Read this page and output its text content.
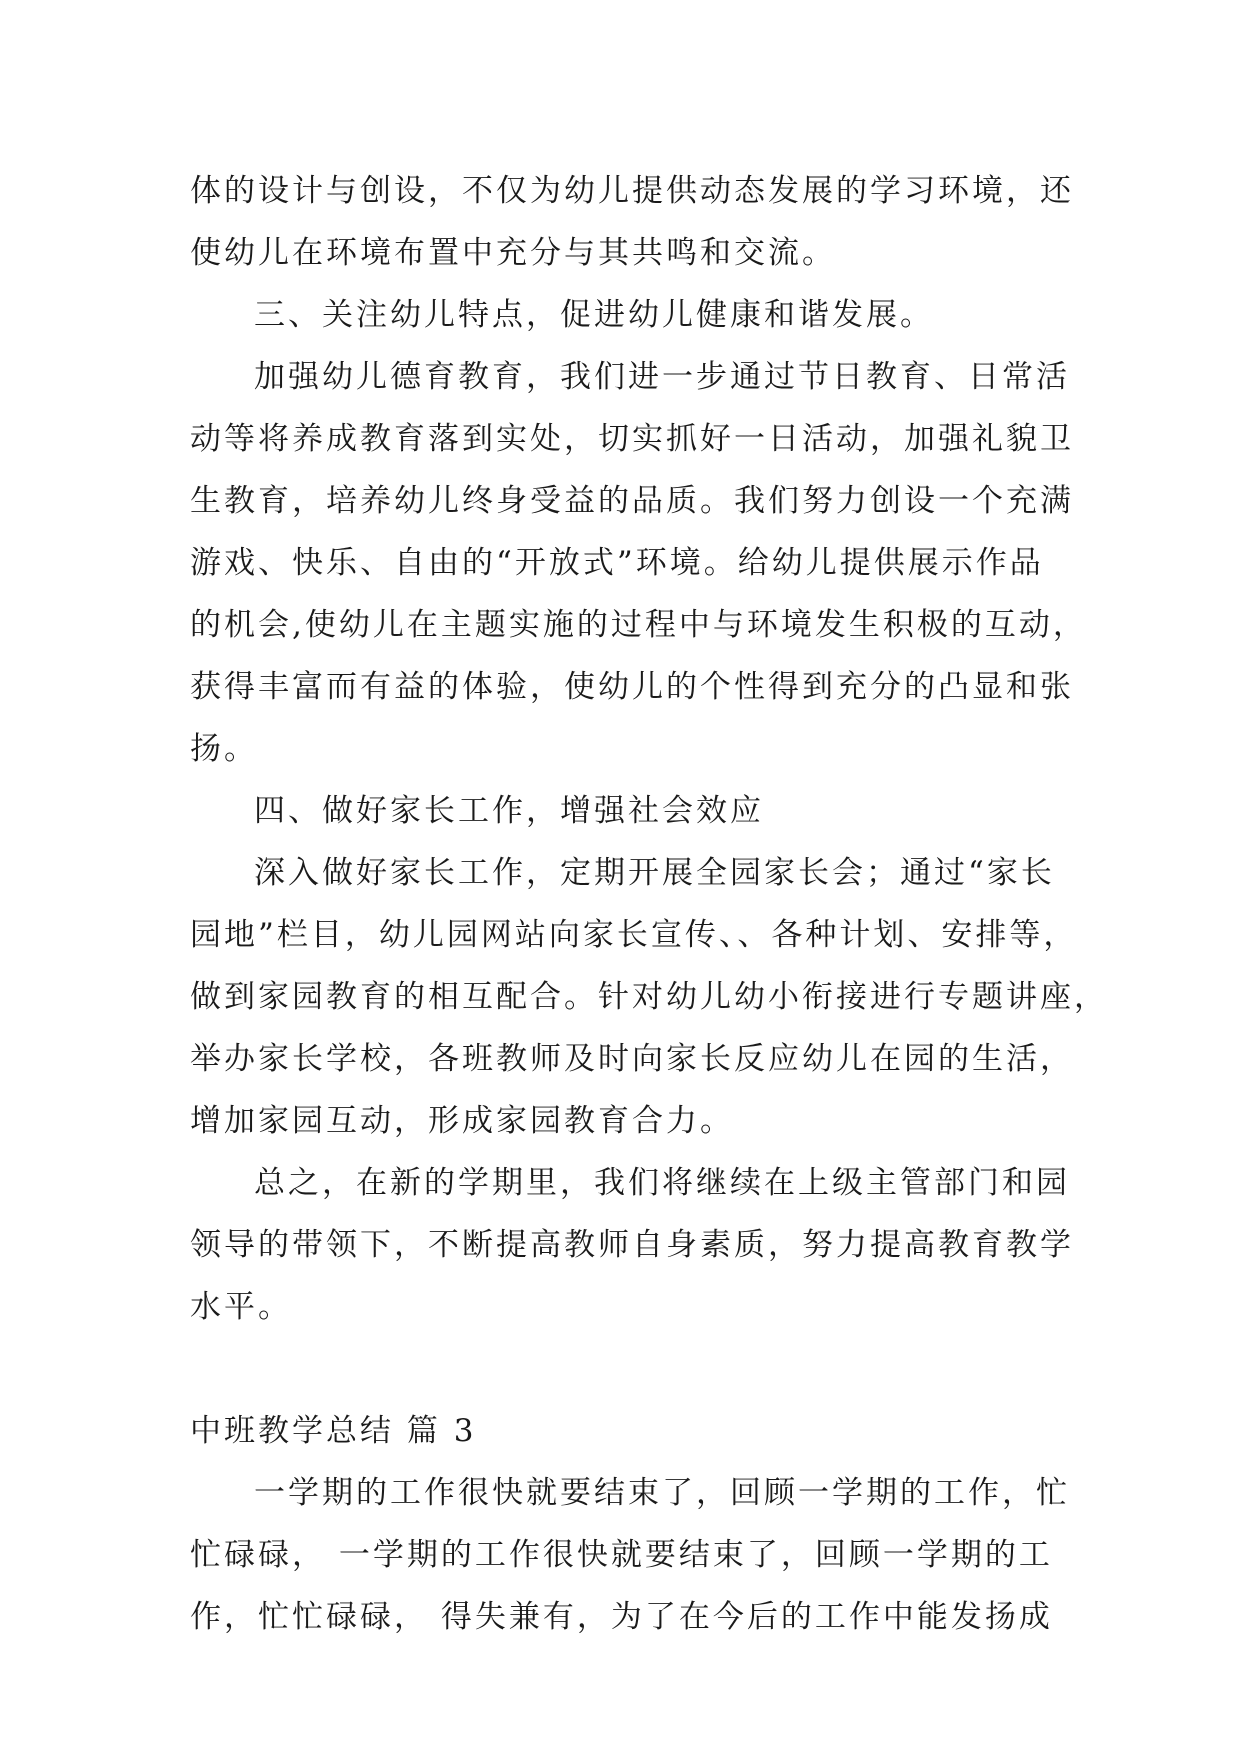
体的设计与创设，不仅为幼儿提供动态发展的学习环境，还
使幼儿在环境布置中充分与其共鸣和交流。
三、关注幼儿特点，促进幼儿健康和谐发展。
加强幼儿德育教育，我们进一步通过节日教育、日常活
动等将养成教育落到实处，切实抓好一日活动，加强礼貌卫
生教育，培养幼儿终身受益的品质。我们努力创设一个充满
游戏、快乐、自由的“开放式”环境。给幼儿提供展示作品
的机会,使幼儿在主题实施的过程中与环境发生积极的互动，
获得丰富而有益的体验，使幼儿的个性得到充分的凸显和张
扬。
四、做好家长工作，增强社会效应
深入做好家长工作，定期开展全园家长会；通过“家长
园地”栏目，幼儿园网站向家长宣传、、各种计划、安排等，
做到家园教育的相互配合。针对幼儿幼小衔接进行专题讲座，
举办家长学校，各班教师及时向家长反应幼儿在园的生活，
增加家园互动，形成家园教育合力。
总之，在新的学期里，我们将继续在上级主管部门和园
领导的带领下，不断提高教师自身素质，努力提高教育教学
水平。
中班教学总结 篇 3
一学期的工作很快就要结束了，回顾一学期的工作，忙
忙碌碌， 一学期的工作很快就要结束了，回顾一学期的工
作，忙忙碌碌， 得失兼有，为了在今后的工作中能发扬成
